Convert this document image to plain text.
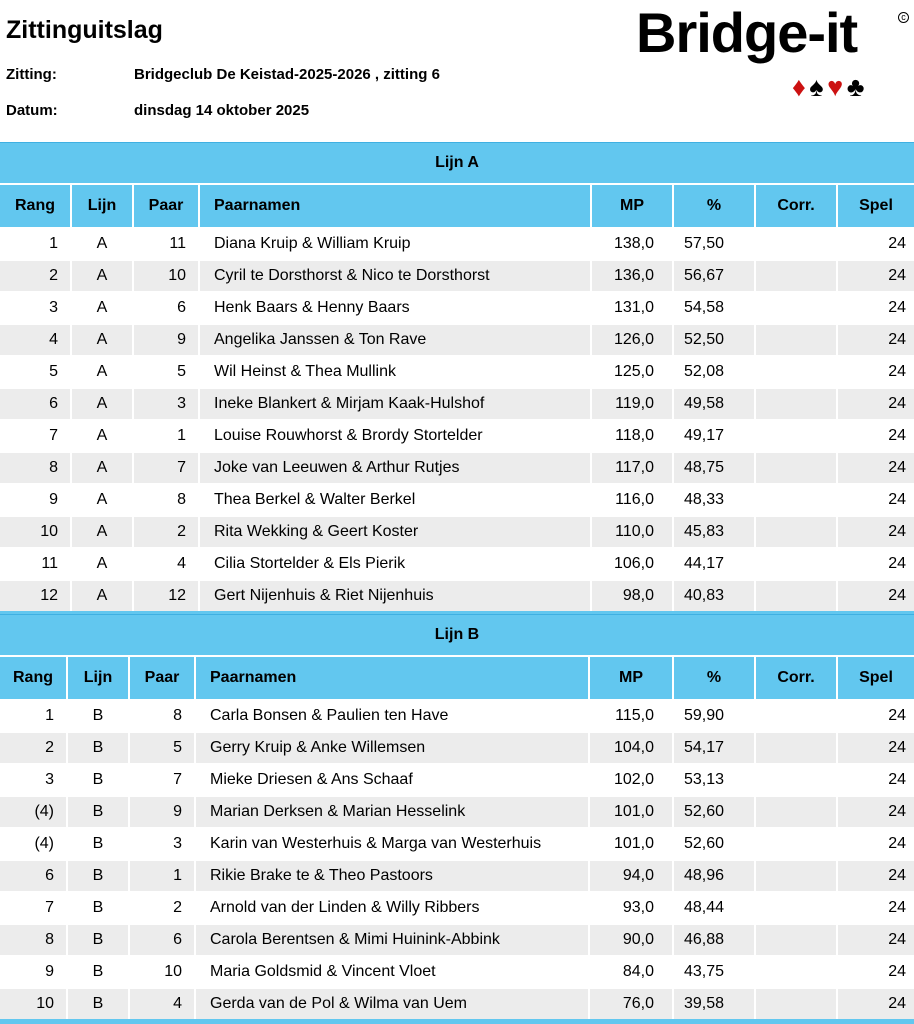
Zittinguitslag
Zitting:	Bridgeclub De Keistad-2025-2026 , zitting 6
Datum:	dinsdag 14 oktober 2025
Bridge-it	c
♦ ♠ ♥ ♣
Lijn A
Rang	Lijn	Paar	Paarnamen	MP	%	Corr.	Spel
1	A	11	Diana Kruip & William Kruip	138,0	57,50		24
2	A	10	Cyril te Dorsthorst & Nico te Dorsthorst	136,0	56,67		24
3	A	6	Henk Baars & Henny Baars	131,0	54,58		24
4	A	9	Angelika Janssen & Ton Rave	126,0	52,50		24
5	A	5	Wil Heinst & Thea Mullink	125,0	52,08		24
6	A	3	Ineke Blankert & Mirjam Kaak-Hulshof	119,0	49,58		24
7	A	1	Louise Rouwhorst & Brordy Stortelder	118,0	49,17		24
8	A	7	Joke van Leeuwen & Arthur Rutjes	117,0	48,75		24
9	A	8	Thea Berkel & Walter Berkel	116,0	48,33		24
10	A	2	Rita Wekking & Geert Koster	110,0	45,83		24
11	A	4	Cilia Stortelder & Els Pierik	106,0	44,17		24
12	A	12	Gert Nijenhuis & Riet Nijenhuis	98,0	40,83		24
Lijn B
Rang	Lijn	Paar	Paarnamen	MP	%	Corr.	Spel
1	B	8	Carla Bonsen & Paulien ten Have	115,0	59,90		24
2	B	5	Gerry Kruip & Anke Willemsen	104,0	54,17		24
3	B	7	Mieke Driesen & Ans Schaaf	102,0	53,13		24
(4)	B	9	Marian Derksen & Marian Hesselink	101,0	52,60		24
(4)	B	3	Karin van Westerhuis & Marga van Westerhuis	101,0	52,60		24
6	B	1	Rikie Brake te & Theo Pastoors	94,0	48,96		24
7	B	2	Arnold van der Linden & Willy Ribbers	93,0	48,44		24
8	B	6	Carola Berentsen & Mimi Huinink-Abbink	90,0	46,88		24
9	B	10	Maria Goldsmid & Vincent Vloet	84,0	43,75		24
10	B	4	Gerda van de Pol & Wilma van Uem	76,0	39,58		24
